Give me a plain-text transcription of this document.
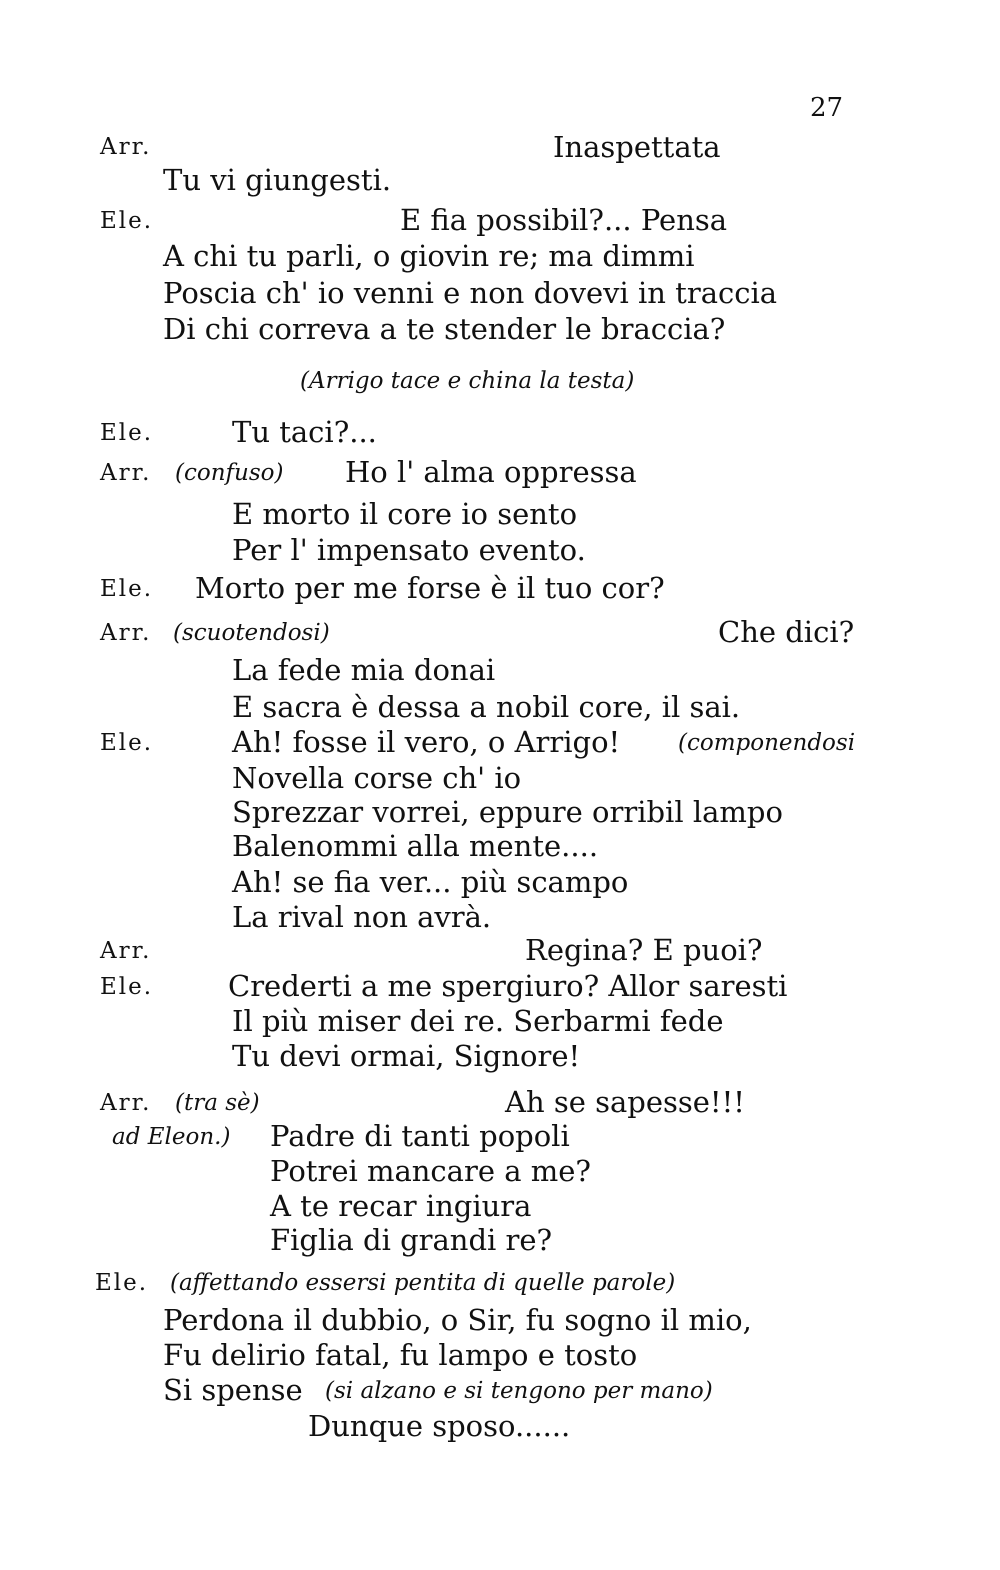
27
Arr.	Inaspettata
Tu vi giungesti.
Ele.	E fia possibil?... Pensa
A chi tu parli, o giovin re; ma dimmi
Poscia ch' io venni e non dovevi in traccia
Di chi correva a te stender le braccia?
(Arrigo tace e china la testa)
Ele.	Tu taci?...
Arr. (confuso) Ho l' alma oppressa
E morto il core io sento
Per l' impensato evento.
Ele. Morto per me forse è il tuo cor?
Arr. (scuotendosi)	Che dici?
La fede mia donai
E sacra è dessa a nobil core, il sai.
Ele.	Ah! fosse il vero, o Arrigo!	(componendosi
Novella corse ch' io
Sprezzar vorrei, eppure orribil lampo
Balenommi alla mente....
Ah! se fia ver... più scampo
La rival non avrà.
Arr.	Regina? E puoi?
Ele.	Crederti a me spergiuro? Allor saresti
Il più miser dei re. Serbarmi fede
Tu devi ormai, Signore!
Arr. (tra sè)	Ah se sapesse!!!
ad Eleon.) Padre di tanti popoli
Potrei mancare a me?
A te recar ingiura
Figlia di grandi re?
Ele. (affettando essersi pentita di quelle parole)
Perdona il dubbio, o Sir, fu sogno il mio,
Fu delirio fatal, fu lampo e tosto
Si spense (si alzano e si tengono per mano)
Dunque sposo......
